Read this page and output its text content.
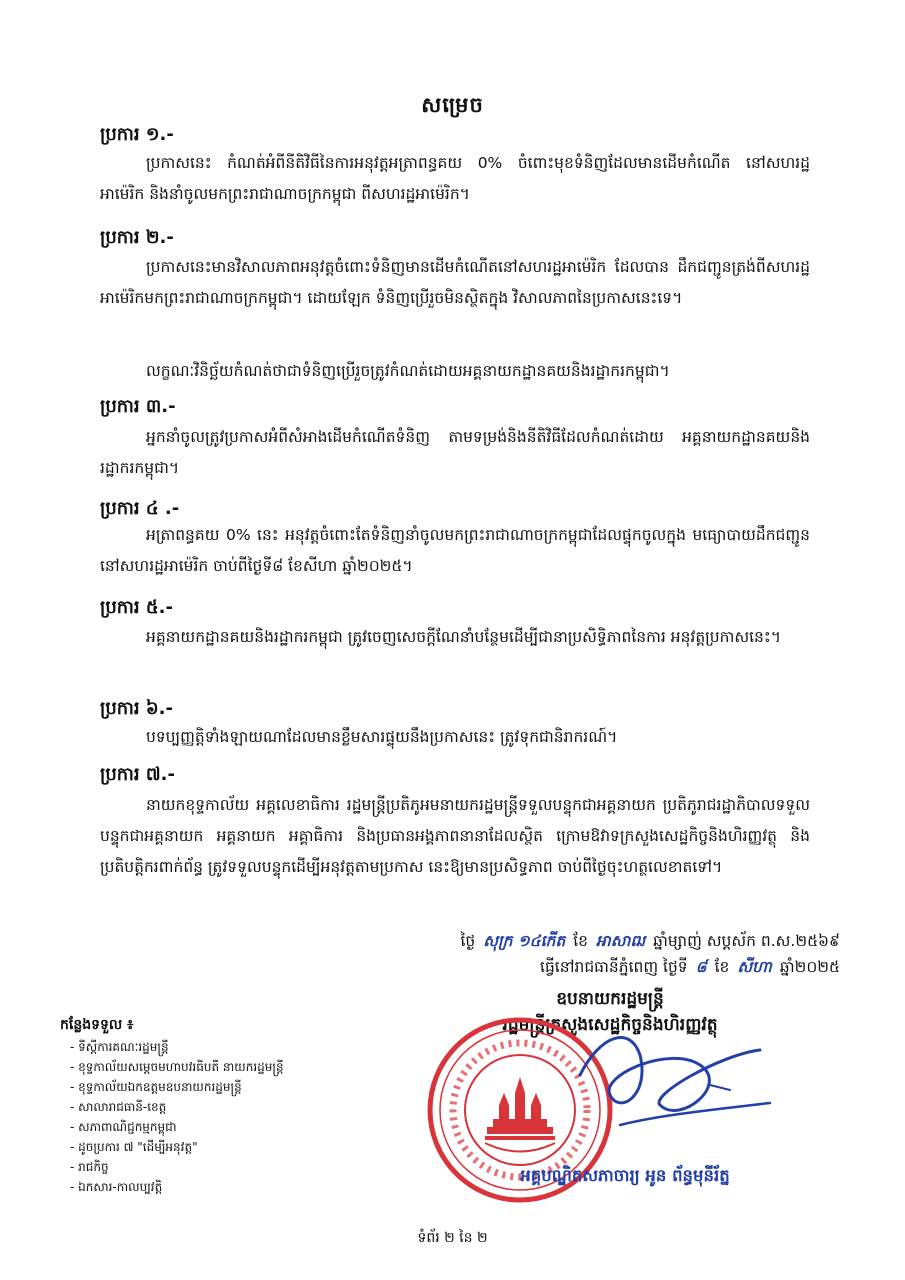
សម្រេច
ប្រការ ១.-
ប្រកាសនេះ កំណត់អំពីនីតិវិធីនៃការអនុវត្តអត្រាពន្ធគយ 0% ចំពោះមុខទំនិញដែលមានដើមកំណើត នៅសហរដ្ឋអាម៉េរិក និងនាំចូលមកព្រះរាជាណាចក្រកម្ពុជា ពីសហរដ្ឋអាម៉េរិក។
ប្រការ ២.-
ប្រកាសនេះមានវិសាលភាពអនុវត្តចំពោះទំនិញមានដើមកំណើតនៅសហរដ្ឋអាម៉េរិក ដែលបាន ដឹកជញ្ជូនត្រង់ពីសហរដ្ឋអាម៉េរិកមកព្រះរាជាណាចក្រកម្ពុជា។ ដោយឡែក ទំនិញប្រើរួចមិនស្ថិតក្នុង វិសាលភាពនៃប្រកាសនេះទេ។
លក្ខណៈវិនិច្ឆ័យកំណត់ថាជាទំនិញប្រើរួចត្រូវកំណត់ដោយអគ្គនាយកដ្ឋានគយនិងរដ្ឋាករកម្ពុជា។
ប្រការ ៣.-
អ្នកនាំចូលត្រូវប្រកាសអំពីសំអាងដើមកំណើតទំនិញ តាមទម្រង់និងនីតិវិធីដែលកំណត់ដោយ អគ្គនាយកដ្ឋានគយនិងរដ្ឋាករកម្ពុជា។
ប្រការ ៤ .-
អត្រាពន្ធគយ 0% នេះ អនុវត្តចំពោះតែទំនិញនាំចូលមកព្រះរាជាណាចក្រកម្ពុជាដែលផ្ទុកចូលក្នុង មធ្យោបាយដឹកជញ្ជូននៅសហរដ្ឋអាម៉េរិក ចាប់ពីថ្ងៃទី៨ ខែសីហា ឆ្នាំ២០២៥។
ប្រការ ៥.-
អគ្គនាយកដ្ឋានគយនិងរដ្ឋាករកម្ពុជា ត្រូវចេញសេចក្តីណែនាំបន្ថែមដើម្បីជានាប្រសិទ្ធិភាពនៃការ អនុវត្តប្រកាសនេះ។
ប្រការ ៦.-
បទប្បញ្ញត្តិទាំងឡាយណាដែលមានខ្លឹមសារផ្ទុយនឹងប្រកាសនេះ ត្រូវទុកជានិរាករណ៍។
ប្រការ ៧.-
នាយកខុទ្ទកាល័យ អគ្គលេខាធិការ រដ្ឋមន្ត្រីប្រតិភូអមនាយករដ្ឋមន្ត្រីទទួលបន្ទុកជាអគ្គនាយក ប្រតិភូរាជរដ្ឋាភិបាលទទួលបន្ទុកជាអគ្គនាយក អគ្គនាយក អគ្គាធិការ និងប្រធានអង្គភាពនានាដែលស្ថិត ក្រោមឱវាទក្រសួងសេដ្ឋកិច្ចនិងហិរញ្ញវត្ថុ និងប្រតិបត្តិករពាក់ព័ន្ធ ត្រូវទទួលបន្ទុកដើម្បីអនុវត្តតាមប្រកាស នេះឱ្យមានប្រសិទ្ធភាព ចាប់ពីថ្ងៃចុះហត្ថលេខាតទៅ។
ថ្ងៃ សុក្រ ១៤កើត ខែ អាសាឍ ឆ្នាំម្សាញ់ សប្តស័ក ព.ស.២៥៦៩
ធ្វើនៅរាជធានីភ្នំពេញ ថ្ងៃទី ៨ ខែ សីហា ឆ្នាំ២០២៥
ឧបនាយករដ្ឋមន្ត្រី
រដ្ឋមន្ត្រីក្រសួងសេដ្ឋកិច្ចនិងហិរញ្ញវត្ថុ
អគ្គបណ្ឌិតសភាចារ្យ អូន ព័ន្ធមុនីរ័ត្ន
កន្លែងទទួល ៖
- ទីស្តីការគណៈរដ្ឋមន្ត្រី
- ខុទ្ទកាល័យសម្តេចមហាបវរធិបតី នាយករដ្ឋមន្ត្រី
- ខុទ្ទកាល័យឯកឧត្តមឧបនាយករដ្ឋមន្ត្រី
- សាលារាជធានី-ខេត្ត
- សភាពាណិជ្ជកម្មកម្ពុជា
- ដូចប្រការ ៧ "ដើម្បីអនុវត្ត"
- រាជកិច្ច
- ឯកសារ-កាលប្បវត្តិ
ទំព័រ ២ នៃ ២
